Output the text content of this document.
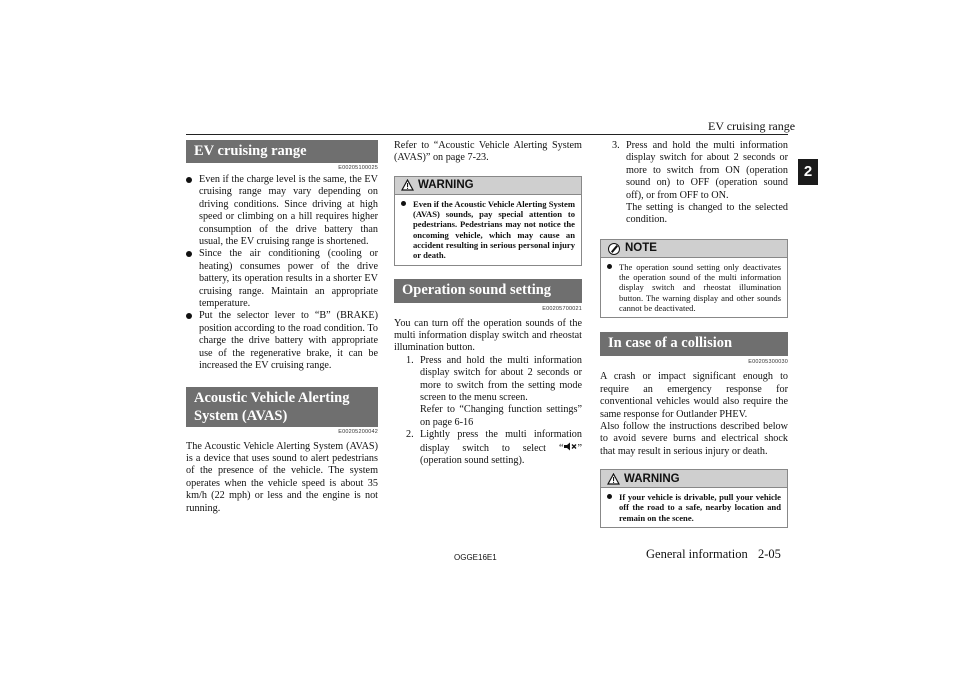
EV cruising range
2
EV cruising range
E00205100025
Even if the charge level is the same, the EV cruising range may vary depending on driving conditions. Since driving at high speed or climbing on a hill requires higher consumption of the drive battery than usual, the EV cruising range is shortened.
Since the air conditioning (cooling or heating) consumes power of the drive battery, its operation results in a shorter EV cruising range. Maintain an appropriate temperature.
Put the selector lever to “B” (BRAKE) position according to the road condition. To charge the drive battery with appropriate use of the regenerative brake, it can be increased the EV cruising range.
Acoustic Vehicle Alerting
System (AVAS)
E00205200042

The Acoustic Vehicle Alerting System (AVAS) is a device that uses sound to alert pedestrians of the presence of the vehicle. The system operates when the vehicle speed is about 35 km/h (22 mph) or less and the engine is not running.

Refer to “Acoustic Vehicle Alerting System (AVAS)” on page 7-23.

WARNING
Even if the Acoustic Vehicle Alerting System (AVAS) sounds, pay special attention to pedestrians. Pedestrians may not notice the oncoming vehicle, which may cause an accident resulting in serious personal injury or death.
Operation sound setting
E00205700021

You can turn off the operation sounds of the multi information display switch and rheostat illumination button.

1. Press and hold the multi information display switch for about 2 seconds or more to switch from the setting mode screen to the menu screen.
Refer to “Changing function settings” on page 6-16
2. Lightly press the multi information display switch to select “ ” (operation sound setting).
3. Press and hold the multi information display switch for about 2 seconds or more to switch from ON (operation sound on) to OFF (operation sound off), or from OFF to ON.
The setting is changed to the selected condition.
NOTE
The operation sound setting only deactivates the operation sound of the multi information display switch and rheostat illumination button. The warning display and other sounds cannot be deactivated.
In case of a collision
E00205300030

A crash or impact significant enough to require an emergency response for conventional vehicles would also require the same response for Outlander PHEV.

Also follow the instructions described below to avoid severe burns and electrical shock that may result in serious injury or death.

WARNING
If your vehicle is drivable, pull your vehicle off the road to a safe, nearby location and remain on the scene.
OGGE16E1	General information 2-05
